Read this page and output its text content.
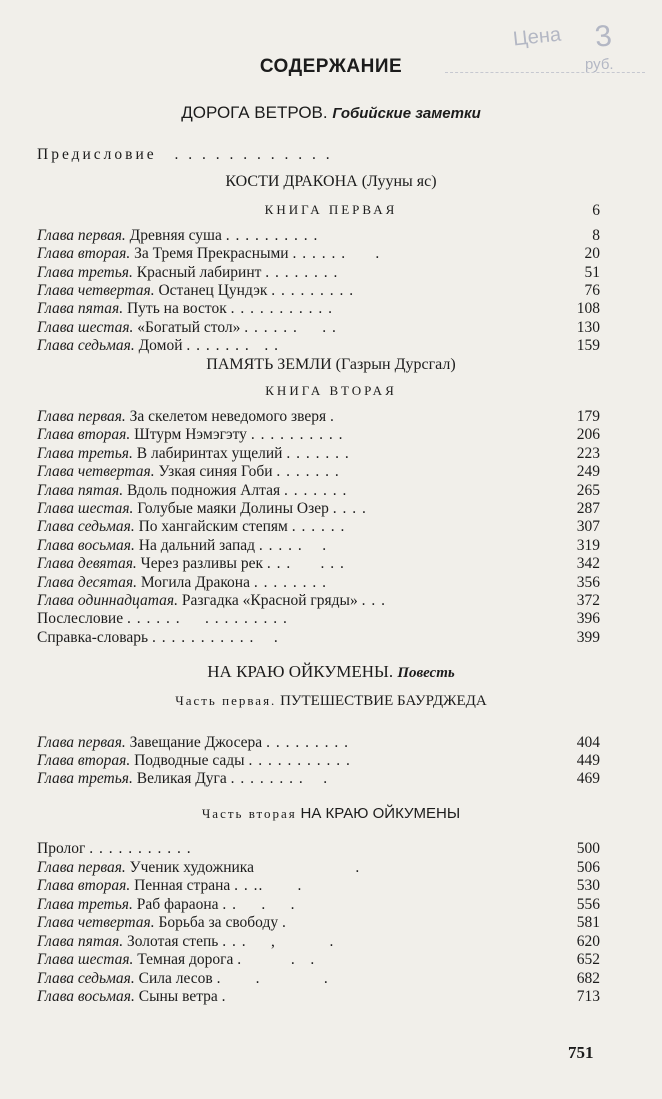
Цена 3
руб.
СОДЕРЖАНИЕ
ДОРОГА ВЕТРОВ. Гобийские заметки
Предисловие . . . . . . . . . . . .
КОСТИ ДРАКОНА (Лууны яс)
КНИГА ПЕРВАЯ	6
Глава первая. Древняя суша . . . . . . . . . .	8
Глава вторая. За Тремя Прекрасными . . . . . .      .	20
Глава третья. Красный лабиринт . . . . . . . .	51
Глава четвертая. Останец Цундэк . . . . . . . . .	76
Глава пятая. Путь на восток . . . . . . . . . . .	108
Глава шестая. «Богатый стол» . . . . . .     . .	130
Глава седьмая. Домой . . . . . . .   . .	159
ПАМЯТЬ ЗЕМЛИ (Газрын Дурсгал)
КНИГА ВТОРАЯ
Глава первая. За скелетом неведомого зверя .	179
Глава вторая. Штурм Нэмэгэту . . . . . . . . . .	206
Глава третья. В лабиринтах ущелий . . . . . . .	223
Глава четвертая. Узкая синяя Гоби . . . . . . .	249
Глава пятая. Вдоль подножия Алтая . . . . . . .	265
Глава шестая. Голубые маяки Долины Озер . . . .	287
Глава седьмая. По хангайским степям . . . . . .	307
Глава восьмая. На дальний запад . . . . .    .	319
Глава девятая. Через разливы рек . . .      . . .	342
Глава десятая. Могила Дракона . . . . . . . .	356
Глава одиннадцатая. Разгадка «Красной гряды» . . .	372
Послесловие . . . . . .     . . . . . . . . .	396
Справка-словарь . . . . . . . . . . .    .	399
НА КРАЮ ОЙКУМЕНЫ. Повесть
Часть первая. ПУТЕШЕСТВИЕ БАУРДЖЕДА
Глава первая. Завещание Джосера . . . . . . . . .	404
Глава вторая. Подводные сады . . . . . . . . . . .	449
Глава третья. Великая Дуга . . . . . . . .    .	469
Часть вторая НА КРАЮ ОЙКУМЕНЫ
Пролог . . . . . . . . . . .	500
Глава первая. Ученик художника                     .	506
Глава вторая. Пенная страна . . ..       .	530
Глава третья. Раб фараона . .     .     .	556
Глава четвертая. Борьба за свободу .	581
Глава пятая. Золотая степь . . .     ,           .	620
Глава шестая. Темная дорога .          .   .	652
Глава седьмая. Сила лесов .       .             .	682
Глава восьмая. Сыны ветра .	713
751
